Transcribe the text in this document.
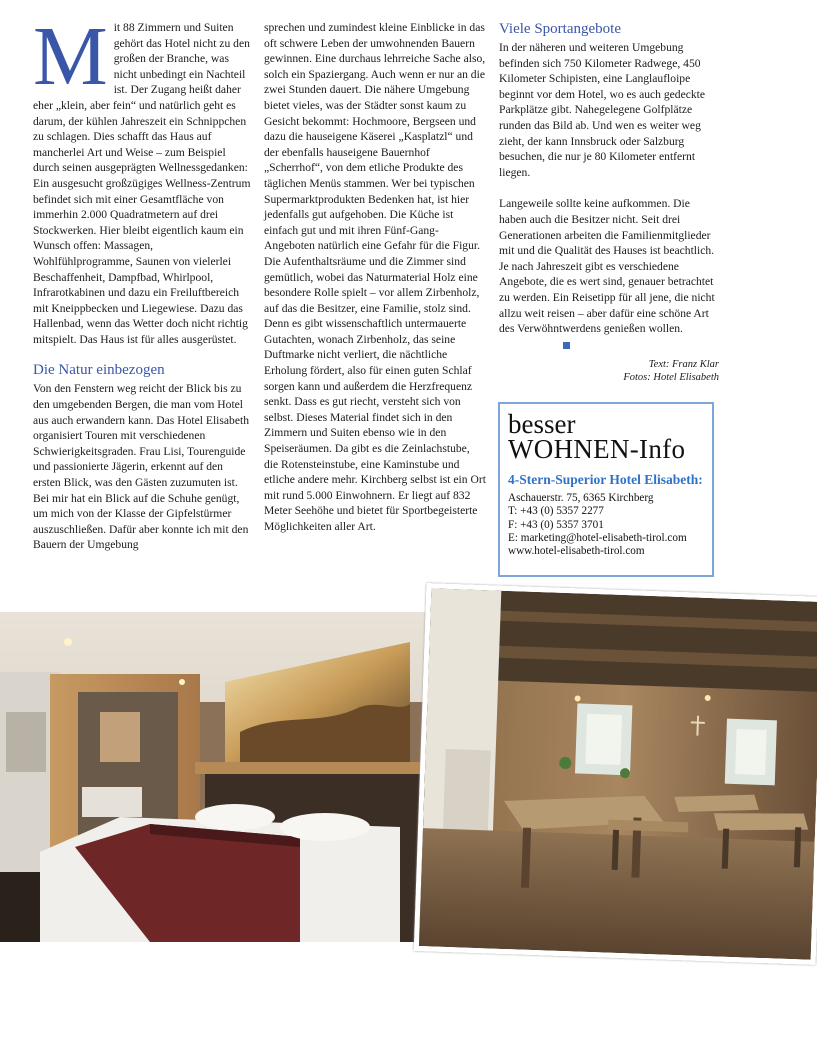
Mit 88 Zimmern und Suiten gehört das Hotel nicht zu den großen der Branche, was nicht unbedingt ein Nachteil ist. Der Zugang heißt daher eher „klein, aber fein“ und natürlich geht es darum, der kühlen Jahreszeit ein Schnippchen zu schlagen. Dies schafft das Haus auf mancherlei Art und Weise – zum Beispiel durch seinen ausgeprägten Wellnessgedanken: Ein ausgesucht großzügiges Wellness-Zentrum befindet sich mit einer Gesamtfläche von immerhin 2.000 Quadratmetern auf drei Stockwerken. Hier bleibt eigentlich kaum ein Wunsch offen: Massagen, Wohlfühlprogramme, Saunen von vielerlei Beschaffenheit, Dampfbad, Whirlpool, Infrarotkabinen und dazu ein Freiluftbereich mit Kneippbecken und Liegewiese. Dazu das Hallenbad, wenn das Wetter doch nicht richtig mitspielt. Das Haus ist für alles ausgerüstet.

Die Natur einbezogen

Von den Fenstern weg reicht der Blick bis zu den umgebenden Bergen, die man vom Hotel aus auch erwandern kann. Das Hotel Elisabeth organisiert Touren mit verschiedenen Schwierigkeitsgraden. Frau Lisi, Tourenguide und passionierte Jägerin, erkennt auf den ersten Blick, was den Gästen zuzumuten ist. Bei mir hat ein Blick auf die Schuhe genügt, um mich von der Klasse der Gipfelstürmer auszuschließen. Dafür aber konnte ich mit den Bauern der Umgebung

sprechen und zumindest kleine Einblicke in das oft schwere Leben der umwohnenden Bauern gewinnen. Eine durchaus lehrreiche Sache also, solch ein Spaziergang. Auch wenn er nur an die zwei Stunden dauert. Die nähere Umgebung bietet vieles, was der Städter sonst kaum zu Gesicht bekommt: Hochmoore, Bergseen und dazu die hauseigene Käserei „Kasplatzl“ und der ebenfalls hauseigene Bauernhof „Scherrhof“, von dem etliche Produkte des täglichen Menüs stammen. Wer bei typischen Supermarktprodukten Bedenken hat, ist hier jedenfalls gut aufgehoben. Die Küche ist einfach gut und mit ihren Fünf-Gang-Angeboten natürlich eine Gefahr für die Figur. Die Aufenthaltsräume und die Zimmer sind gemütlich, wobei das Naturmaterial Holz eine besondere Rolle spielt – vor allem Zirbenholz, auf das die Besitzer, eine Familie, stolz sind. Denn es gibt wissenschaftlich untermauerte Gutachten, wonach Zirbenholz, das seine Duftmarke nicht verliert, die nächtliche Erholung fördert, also für einen guten Schlaf sorgen kann und außerdem die Herzfrequenz senkt. Dass es gut riecht, versteht sich von selbst. Dieses Material findet sich in den Zimmern und Suiten ebenso wie in den Speiseräumen. Da gibt es die Zeinlachstube, die Rotensteinstube, eine Kaminstube und etliche andere mehr. Kirchberg selbst ist ein Ort mit rund 5.000 Einwohnern. Er liegt auf 832 Meter Seehöhe und bietet für Sportbegeisterte Möglichkeiten aller Art.

Viele Sportangebote

In der näheren und weiteren Umgebung befinden sich 750 Kilometer Radwege, 450 Kilometer Schipisten, eine Langlaufloipe beginnt vor dem Hotel, wo es auch gedeckte Parkplätze gibt. Nahegelegene Golfplätze runden das Bild ab. Und wen es weiter weg zieht, der kann Innsbruck oder Salzburg besuchen, die nur je 80 Kilometer entfernt liegen.

Langeweile sollte keine aufkommen. Die haben auch die Besitzer nicht. Seit drei Generationen arbeiten die Familienmitglieder mit und die Qualität des Hauses ist beachtlich. Je nach Jahreszeit gibt es verschiedene Angebote, die es wert sind, genauer betrachtet zu werden. Ein Reisetipp für all jene, die nicht allzu weit reisen – aber dafür eine schöne Art des Verwöhntwerdens genießen wollen.

Text: Franz Klar
Fotos: Hotel Elisabeth
besser
WOHNEN-Info
4-Stern-Superior Hotel Elisabeth:
Aschauerstr. 75, 6365 Kirchberg
T: +43 (0) 5357 2277
F: +43 (0) 5357 3701
E: marketing@hotel-elisabeth-tirol.com
www.hotel-elisabeth-tirol.com
